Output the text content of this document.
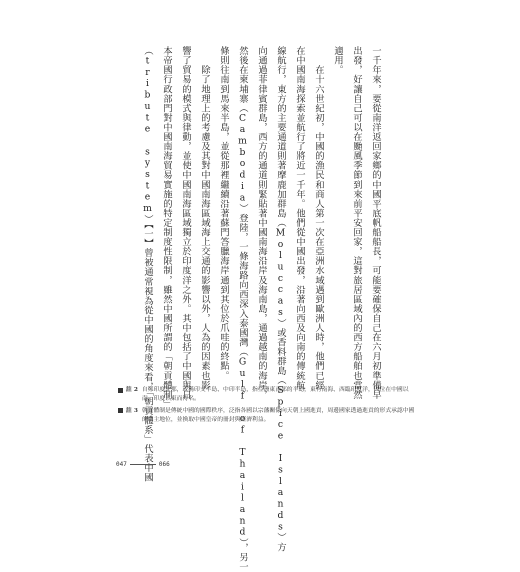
一千年來，要從南洋返回家鄉的中國平底帆船船長，可能要確保自己在六月初準備早
出發，好讓自己可以在颱風季節到來前平安回家，這對旅居區域內的西方船舶也當然
適用。
　　在十六世紀初，中國的漁民和商人第一次在亞洲水域遇到歐洲人時，他們已經
在中國南海探索並航行了將近一千年。他們從中國出發，沿著向西及向南的傳統航
線航行，東方的主要通道則著摩鹿加群島（Moluccas）或香料群島（Spice Islands）方
向通過菲律賓群島，西方的通道則緊貼著中國南海沿岸及海南島，通過越南的海岸，
然後在柬埔寨（Cambodia）登陸，一條海路向西深入泰國灣（Gulf of Thailand），另一
條則往南到馬來半島，並從那裡繼續沿著蘇門答臘海岸通到其位於爪哇的終點。
　　除了地理上的考慮及其對中國南海區域海上交通的影響以外，人為的因素也影
響了貿易的模式與律動，並使中國南海區域獨立於印度洋之外。其中包括了中國與日
本帝國行政部門對中國南海貿易實施的特定制度性限制，雖然中國所謂的「朝貢體制」
（tribute system）【一】曾被通常視為從中國的角度來看，「朝貢體系」代表中國
註 2 自鄭印度支那，或稱印支半島、中印半島，指亞洲東南部的半島，東有南海、西臨印度洋，因位在中國以南、印度以東而得名。
註 3 朝貢體制是傳統中國的國際秩序，泛指各國以宗藩關係向天朝上國進貢，周邊國家透過進貢的形式承認中國的宗主地位，並換取中國皇帝的冊封與經濟利益。
047	066
